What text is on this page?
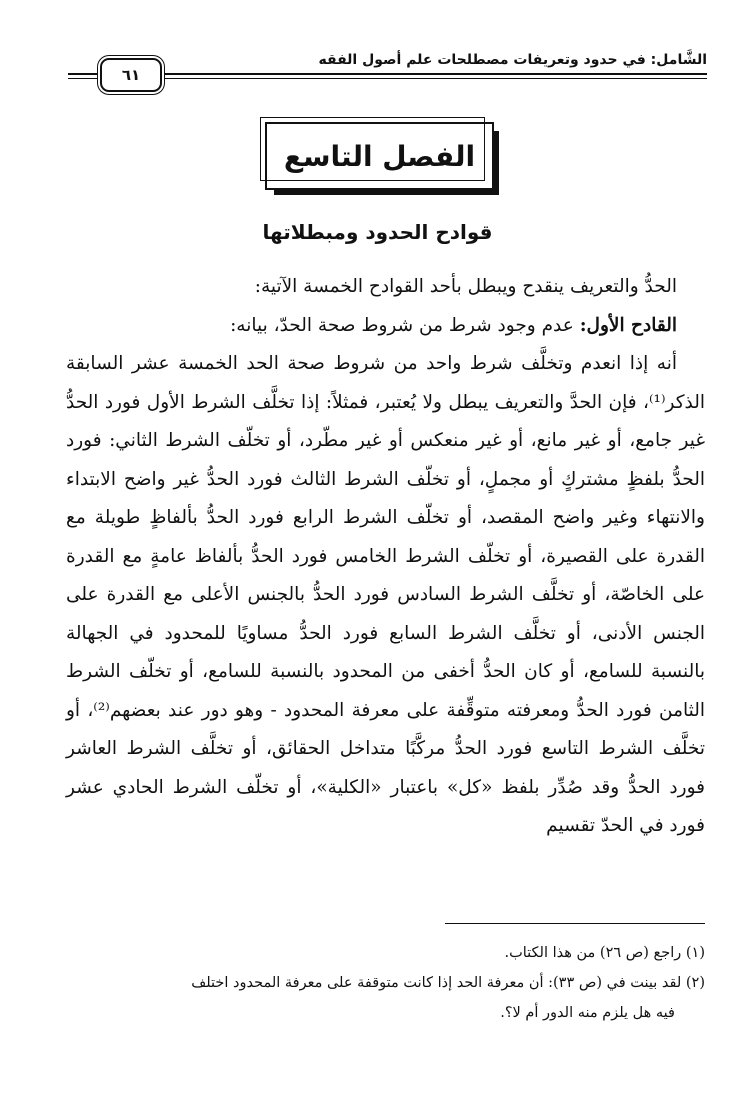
الشَّامل: في حدود وتعريفات مصطلحات علم أصول الفقه
٦١
الفصل التاسع
قوادح الحدود ومبطلاتها

الحدُّ والتعريف ينقدح ويبطل بأحد القوادح الخمسة الآتية:

القادح الأول: عدم وجود شرط من شروط صحة الحدّ، بيانه:

أنه إذا انعدم وتخلَّف شرط واحد من شروط صحة الحد الخمسة عشر السابقة الذكر⁽¹⁾، فإن الحدَّ والتعريف يبطل ولا يُعتبر، فمثلاً: إذا تخلَّف الشرط الأول فورد الحدُّ غير جامع، أو غير مانع، أو غير منعكس أو غير مطّرد، أو تخلّف الشرط الثاني: فورد الحدُّ بلفظٍ مشتركٍ أو مجملٍ، أو تخلّف الشرط الثالث فورد الحدُّ غير واضح الابتداء والانتهاء وغير واضح المقصد، أو تخلّف الشرط الرابع فورد الحدُّ بألفاظٍ طويلة مع القدرة على القصيرة، أو تخلّف الشرط الخامس فورد الحدُّ بألفاظ عامةٍ مع القدرة على الخاصّة، أو تخلَّف الشرط السادس فورد الحدُّ بالجنس الأعلى مع القدرة على الجنس الأدنى، أو تخلَّف الشرط السابع فورد الحدُّ مساويًا للمحدود في الجهالة بالنسبة للسامع، أو كان الحدُّ أخفى من المحدود بالنسبة للسامع، أو تخلّف الشرط الثامن فورد الحدُّ ومعرفته متوقِّفة على معرفة المحدود - وهو دور عند بعضهم⁽²⁾، أو تخلَّف الشرط التاسع فورد الحدُّ مركَّبًا متداخل الحقائق، أو تخلَّف الشرط العاشر فورد الحدُّ وقد صُدِّر بلفظ «كل» باعتبار «الكلية»، أو تخلّف الشرط الحادي عشر فورد في الحدّ تقسيم

(١) راجع (ص ٢٦) من هذا الكتاب.

(٢) لقد بينت في (ص ٣٣): أن معرفة الحد إذا كانت متوقفة على معرفة المحدود اختلف

فيه هل يلزم منه الدور أم لا؟.
